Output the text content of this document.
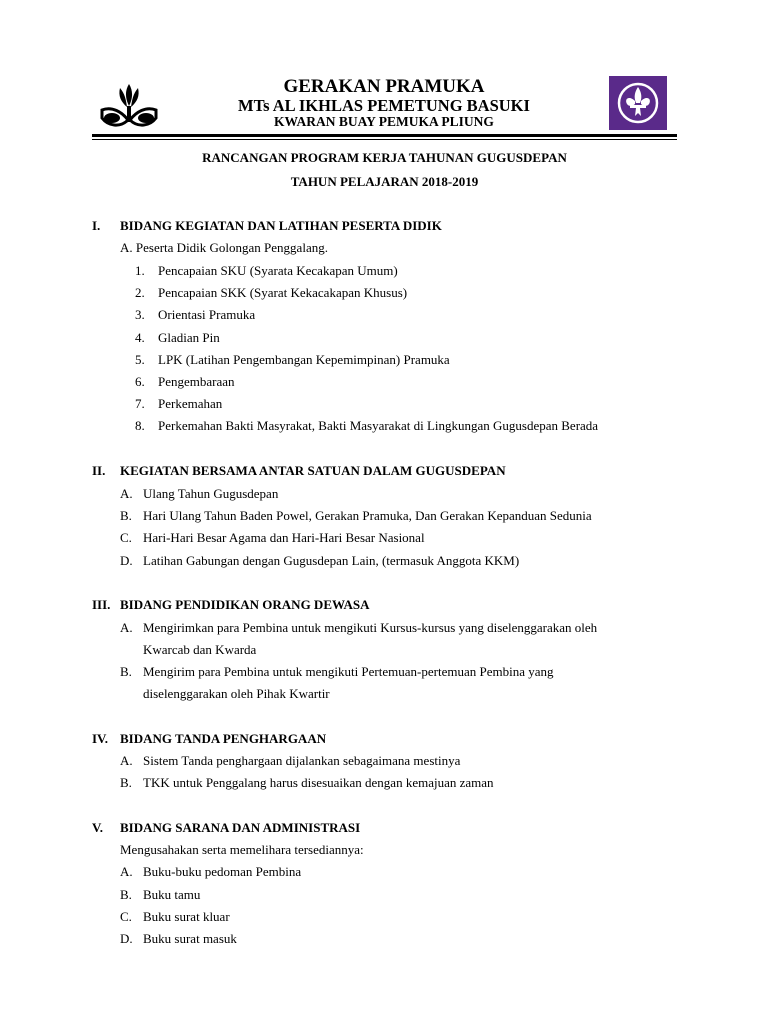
GERAKAN PRAMUKA
MTs AL IKHLAS PEMETUNG BASUKI
KWARAN BUAY PEMUKA PLIUNG
RANCANGAN PROGRAM KERJA TAHUNAN GUGUSDEPAN
TAHUN PELAJARAN 2018-2019
I. BIDANG KEGIATAN DAN LATIHAN PESERTA DIDIK
A. Peserta Didik Golongan Penggalang.
1. Pencapaian SKU (Syarata Kecakapan Umum)
2. Pencapaian SKK (Syarat Kekacakapan Khusus)
3. Orientasi Pramuka
4. Gladian Pin
5. LPK (Latihan Pengembangan Kepemimpinan) Pramuka
6. Pengembaraan
7. Perkemahan
8. Perkemahan Bakti Masyrakat, Bakti Masyarakat di Lingkungan Gugusdepan Berada
II. KEGIATAN BERSAMA ANTAR SATUAN DALAM GUGUSDEPAN
A. Ulang Tahun Gugusdepan
B. Hari Ulang Tahun Baden Powel, Gerakan Pramuka, Dan Gerakan Kepanduan Sedunia
C. Hari-Hari Besar Agama dan Hari-Hari Besar Nasional
D. Latihan Gabungan dengan Gugusdepan Lain, (termasuk Anggota KKM)
III. BIDANG PENDIDIKAN ORANG DEWASA
A. Mengirimkan para Pembina untuk mengikuti Kursus-kursus yang diselenggarakan oleh
Kwarcab dan Kwarda
B. Mengirim para Pembina untuk mengikuti Pertemuan-pertemuan Pembina yang
diselenggarakan oleh Pihak Kwartir
IV. BIDANG TANDA PENGHARGAAN
A. Sistem Tanda penghargaan dijalankan sebagaimana mestinya
B. TKK untuk Penggalang harus disesuaikan dengan kemajuan zaman
V. BIDANG SARANA DAN ADMINISTRASI
Mengusahakan serta memelihara tersediannya:
A. Buku-buku pedoman Pembina
B. Buku tamu
C. Buku surat kluar
D. Buku surat masuk
